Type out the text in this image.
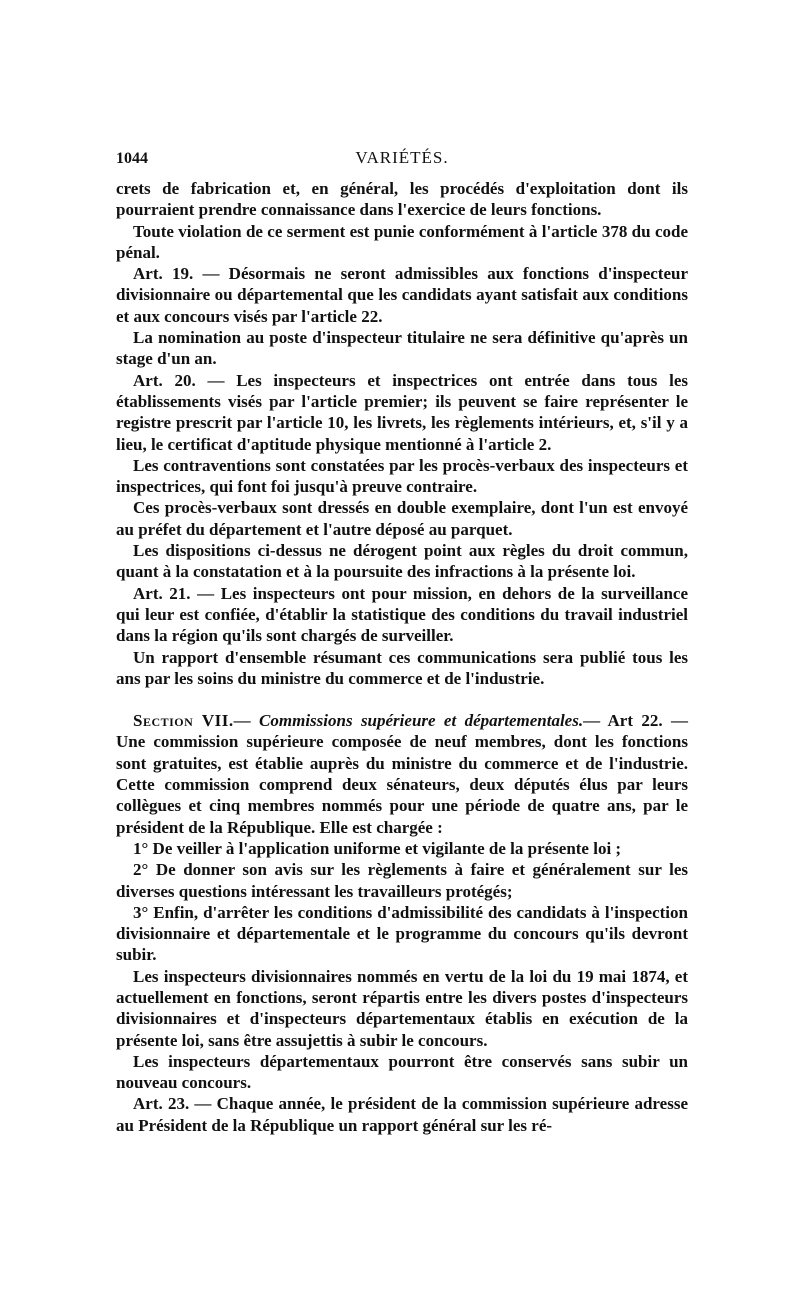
1044	VARIÉTÉS.

crets de fabrication et, en général, les procédés d'exploitation dont ils pourraient prendre connaissance dans l'exercice de leurs fonctions.

Toute violation de ce serment est punie conformément à l'article 378 du code pénal.

Art. 19. — Désormais ne seront admissibles aux fonctions d'inspecteur divisionnaire ou départemental que les candidats ayant satisfait aux conditions et aux concours visés par l'article 22.

La nomination au poste d'inspecteur titulaire ne sera définitive qu'après un stage d'un an.

Art. 20. — Les inspecteurs et inspectrices ont entrée dans tous les établissements visés par l'article premier; ils peuvent se faire représenter le registre prescrit par l'article 10, les livrets, les règlements intérieurs, et, s'il y a lieu, le certificat d'aptitude physique mentionné à l'article 2.

Les contraventions sont constatées par les procès-verbaux des inspecteurs et inspectrices, qui font foi jusqu'à preuve contraire.

Ces procès-verbaux sont dressés en double exemplaire, dont l'un est envoyé au préfet du département et l'autre déposé au parquet.

Les dispositions ci-dessus ne dérogent point aux règles du droit commun, quant à la constatation et à la poursuite des infractions à la présente loi.

Art. 21. — Les inspecteurs ont pour mission, en dehors de la surveillance qui leur est confiée, d'établir la statistique des conditions du travail industriel dans la région qu'ils sont chargés de surveiller.

Un rapport d'ensemble résumant ces communications sera publié tous les ans par les soins du ministre du commerce et de l'industrie.

Section VII.— Commissions supérieure et départementales.— Art 22. — Une commission supérieure composée de neuf membres, dont les fonctions sont gratuites, est établie auprès du ministre du commerce et de l'industrie. Cette commission comprend deux sénateurs, deux députés élus par leurs collègues et cinq membres nommés pour une période de quatre ans, par le président de la République. Elle est chargée :

1° De veiller à l'application uniforme et vigilante de la présente loi ;

2° De donner son avis sur les règlements à faire et généralement sur les diverses questions intéressant les travailleurs protégés;

3° Enfin, d'arrêter les conditions d'admissibilité des candidats à l'inspection divisionnaire et départementale et le programme du concours qu'ils devront subir.

Les inspecteurs divisionnaires nommés en vertu de la loi du 19 mai 1874, et actuellement en fonctions, seront répartis entre les divers postes d'inspecteurs divisionnaires et d'inspecteurs départementaux établis en exécution de la présente loi, sans être assujettis à subir le concours.

Les inspecteurs départementaux pourront être conservés sans subir un nouveau concours.

Art. 23. — Chaque année, le président de la commission supérieure adresse au Président de la République un rapport général sur les ré-
